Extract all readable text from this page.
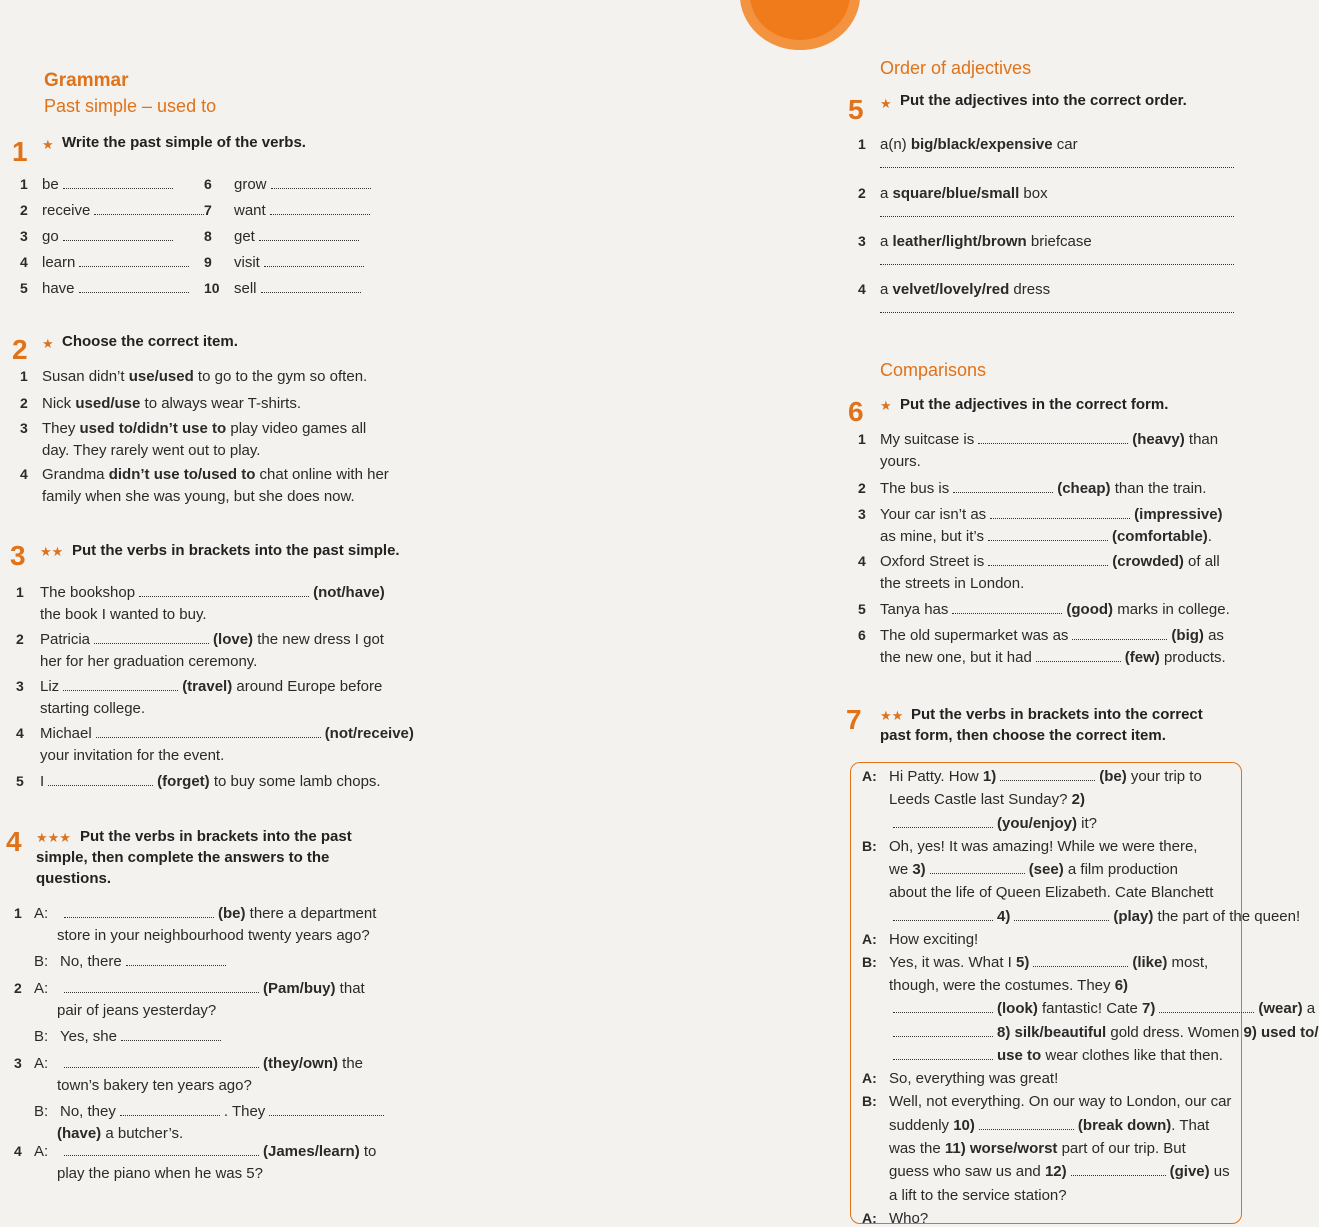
Grammar
Past simple – used to
1 ★ Write the past simple of the verbs.
1 be
2 receive
3 go
4 learn
5 have
6 grow
7 want
8 get
9 visit
10 sell
2 ★ Choose the correct item.
1 Susan didn’t use/used to go to the gym so often.
2 Nick used/use to always wear T-shirts.
3 They used to/didn’t use to play video games all
day. They rarely went out to play.
4 Grandma didn’t use to/used to chat online with her
family when she was young, but she does now.
3 ★★ Put the verbs in brackets into the past simple.
1 The bookshop	(not/have)
the book I wanted to buy.
2 Patricia	(love) the new dress I got
her for her graduation ceremony.
3 Liz	(travel) around Europe before
starting college.
4 Michael	(not/receive)
your invitation for the event.
5 I	(forget) to buy some lamb chops.
4 ★★★ Put the verbs in brackets into the past
simple, then complete the answers to the
questions.
1 A:	(be) there a department
store in your neighbourhood twenty years ago?
B: No, there
2 A:	(Pam/buy) that
pair of jeans yesterday?
B: Yes, she
3 A:	(they/own) the
town’s bakery ten years ago?
B: No, they	. They
(have) a butcher’s.
4 A:	(James/learn) to
play the piano when he was 5?
Order of adjectives
5 ★ Put the adjectives into the correct order.
1 a(n) big/black/expensive car
2 a square/blue/small box
3 a leather/light/brown briefcase
4 a velvet/lovely/red dress
Comparisons
6 ★ Put the adjectives in the correct form.
1 My suitcase is	(heavy) than
yours.
2 The bus is	(cheap) than the train.
3 Your car isn’t as	(impressive)
as mine, but it’s	(comfortable).
4 Oxford Street is	(crowded) of all
the streets in London.
5 Tanya has	(good) marks in college.
6 The old supermarket was as	(big) as
the new one, but it had	(few) products.
7 ★★ Put the verbs in brackets into the correct
past form, then choose the correct item.
A: Hi Patty. How 1)	(be) your trip to
Leeds Castle last Sunday? 2)
(you/enjoy) it?
B: Oh, yes! It was amazing! While we were there,
we 3)	(see) a film production
about the life of Queen Elizabeth. Cate Blanchett
4)	(play) the part of the queen!
A: How exciting!
B: Yes, it was. What I 5)	(like) most,
though, were the costumes. They 6)
(look) fantastic! Cate 7)	(wear) a
8) silk/beautiful gold dress. Women 9) used to/
use to wear clothes like that then.
A: So, everything was great!
B: Well, not everything. On our way to London, our car
suddenly 10)	(break down). That
was the 11) worse/worst part of our trip. But
guess who saw us and 12)	(give) us
a lift to the service station?
A: Who?
